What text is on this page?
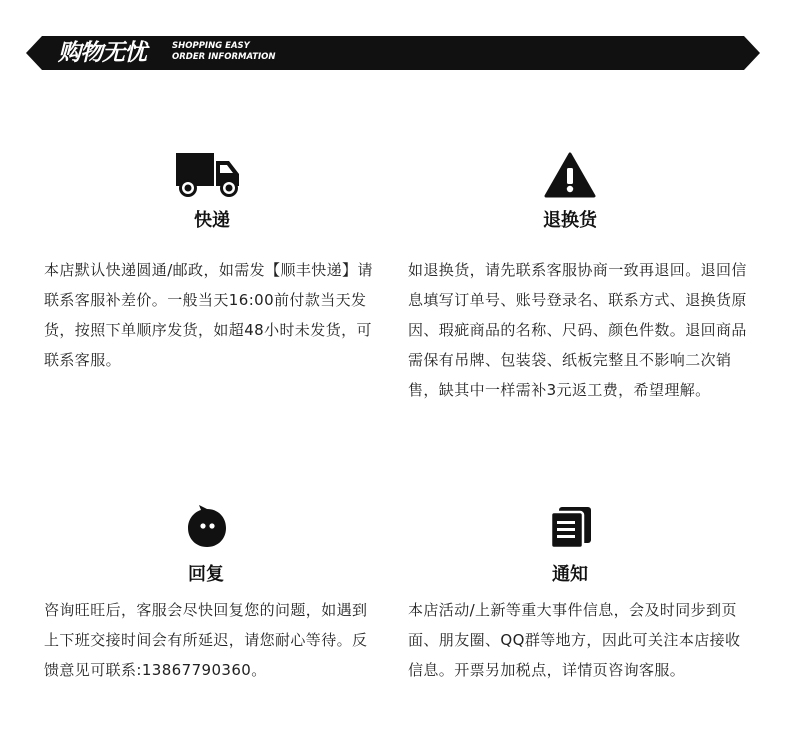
购物无忧	SHOPPING EASY
ORDER INFORMATION
快递
本店默认快递圆通/邮政，如需发【顺丰快递】请联系客服补差价。一般当天16:00前付款当天发货，按照下单顺序发货，如超48小时未发货，可联系客服。
退换货
如退换货，请先联系客服协商一致再退回。退回信息填写订单号、账号登录名、联系方式、退换货原因、瑕疵商品的名称、尺码、颜色件数。退回商品需保有吊牌、包装袋、纸板完整且不影响二次销售，缺其中一样需补3元返工费，希望理解。
回复
咨询旺旺后，客服会尽快回复您的问题，如遇到上下班交接时间会有所延迟，请您耐心等待。反馈意见可联系:13867790360。
通知
本店活动/上新等重大事件信息，会及时同步到页面、朋友圈、QQ群等地方，因此可关注本店接收信息。开票另加税点，详情页咨询客服。
